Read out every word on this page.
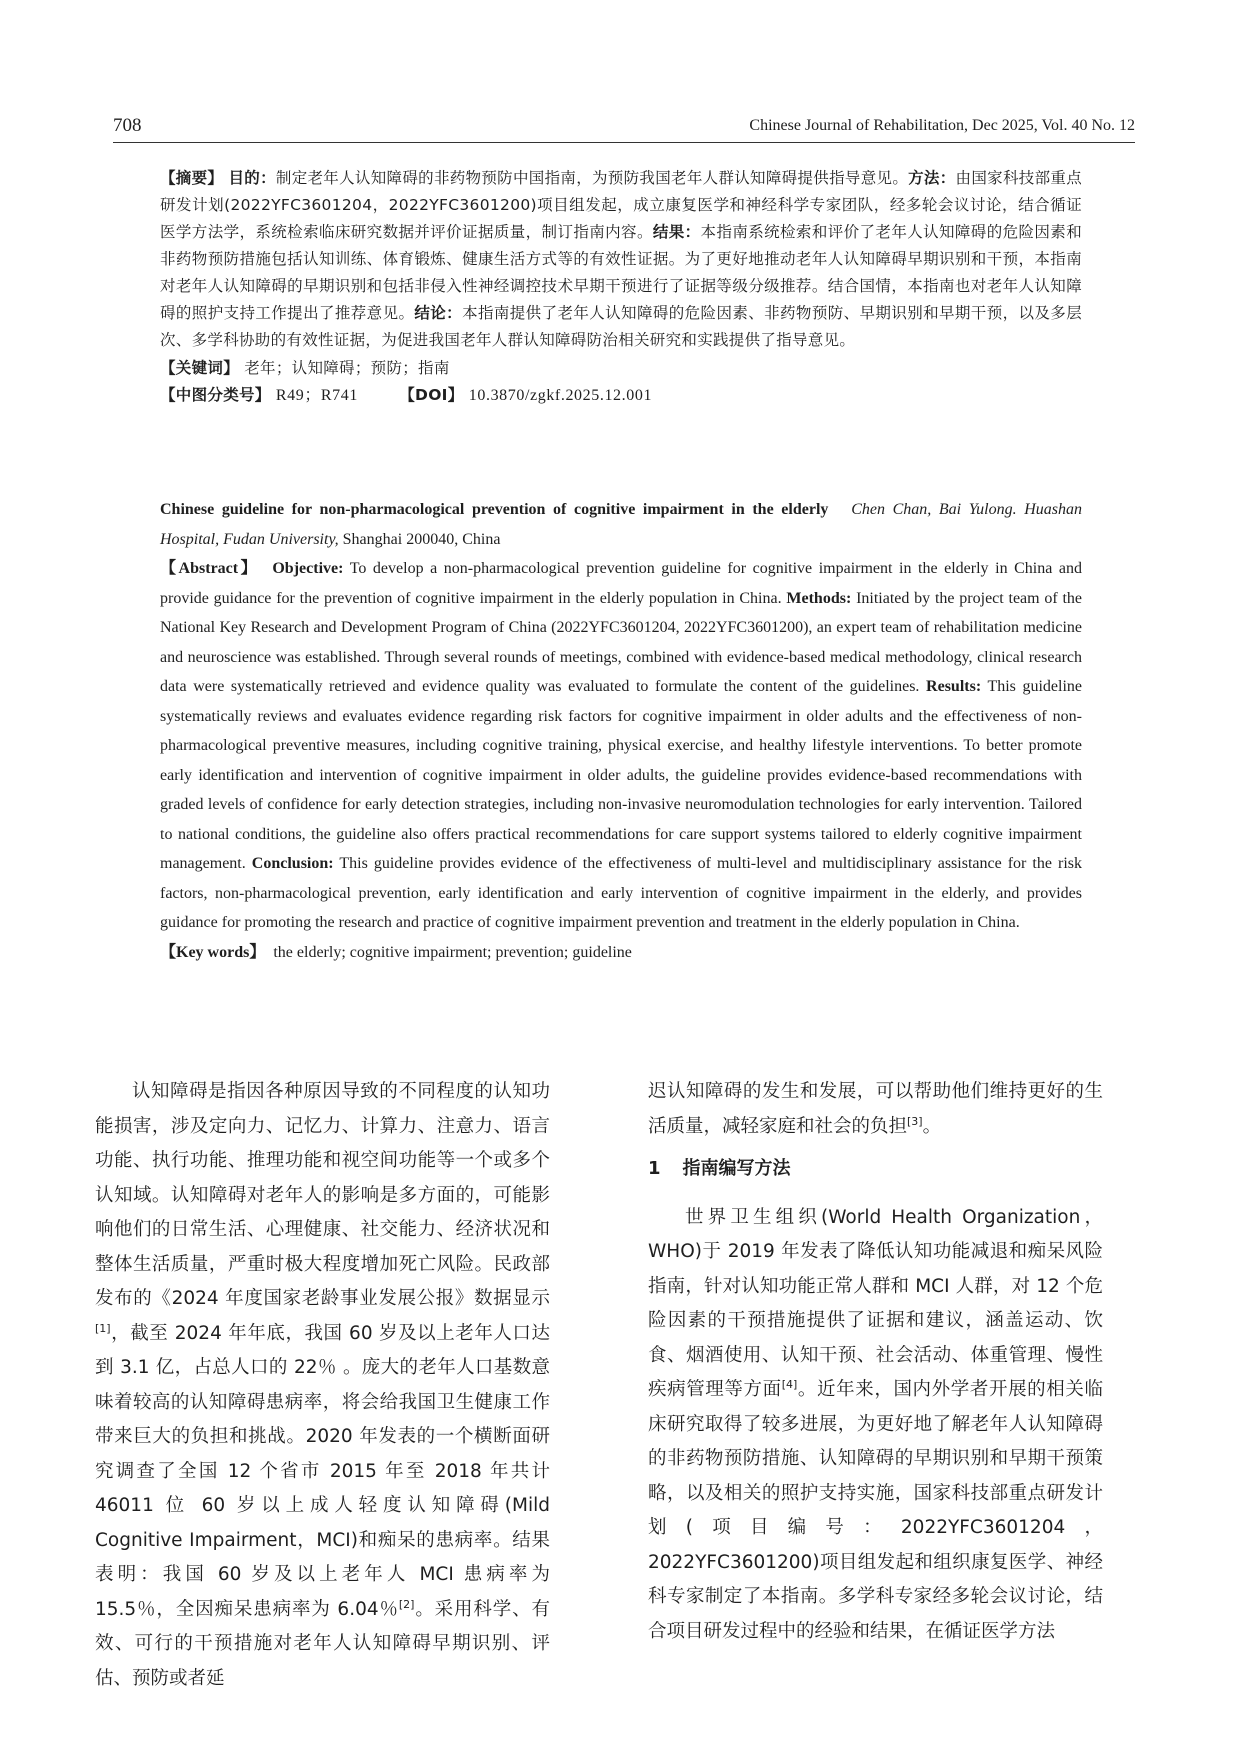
708	Chinese Journal of Rehabilitation, Dec 2025, Vol. 40 No. 12

【摘要】 目的：制定老年人认知障碍的非药物预防中国指南，为预防我国老年人群认知障碍提供指导意见。方法：由国家科技部重点研发计划(2022YFC3601204，2022YFC3601200)项目组发起，成立康复医学和神经科学专家团队，经多轮会议讨论，结合循证医学方法学，系统检索临床研究数据并评价证据质量，制订指南内容。结果：本指南系统检索和评价了老年人认知障碍的危险因素和非药物预防措施包括认知训练、体育锻炼、健康生活方式等的有效性证据。为了更好地推动老年人认知障碍早期识别和干预，本指南对老年人认知障碍的早期识别和包括非侵入性神经调控技术早期干预进行了证据等级分级推荐。结合国情，本指南也对老年人认知障碍的照护支持工作提出了推荐意见。结论：本指南提供了老年人认知障碍的危险因素、非药物预防、早期识别和早期干预，以及多层次、多学科协助的有效性证据，为促进我国老年人群认知障碍防治相关研究和实践提供了指导意见。

【关键词】 老年；认知障碍；预防；指南

【中图分类号】 R49；R741	【DOI】 10.3870/zgkf.2025.12.001

Chinese guideline for non-pharmacological prevention of cognitive impairment in the elderly Chen Chan, Bai Yulong. Huashan Hospital, Fudan University, Shanghai 200040, China

【Abstract】 Objective: To develop a non-pharmacological prevention guideline for cognitive impairment in the elderly in China and provide guidance for the prevention of cognitive impairment in the elderly population in China. Methods: Initiated by the project team of the National Key Research and Development Program of China (2022YFC3601204, 2022YFC3601200), an expert team of rehabilitation medicine and neuroscience was established. Through several rounds of meetings, combined with evidence-based medical methodology, clinical research data were systematically retrieved and evidence quality was evaluated to formulate the content of the guidelines. Results: This guideline systematically reviews and evaluates evidence regarding risk factors for cognitive impairment in older adults and the effectiveness of non-pharmacological preventive measures, including cognitive training, physical exercise, and healthy lifestyle interventions. To better promote early identification and intervention of cognitive impairment in older adults, the guideline provides evidence-based recommendations with graded levels of confidence for early detection strategies, including non-invasive neuromodulation technologies for early intervention. Tailored to national conditions, the guideline also offers practical recommendations for care support systems tailored to elderly cognitive impairment management. Conclusion: This guideline provides evidence of the effectiveness of multi-level and multidisciplinary assistance for the risk factors, non-pharmacological prevention, early identification and early intervention of cognitive impairment in the elderly, and provides guidance for promoting the research and practice of cognitive impairment prevention and treatment in the elderly population in China.

【Key words】 the elderly; cognitive impairment; prevention; guideline

认知障碍是指因各种原因导致的不同程度的认知功能损害，涉及定向力、记忆力、计算力、注意力、语言功能、执行功能、推理功能和视空间功能等一个或多个认知域。认知障碍对老年人的影响是多方面的，可能影响他们的日常生活、心理健康、社交能力、经济状况和整体生活质量，严重时极大程度增加死亡风险。民政部发布的《2024 年度国家老龄事业发展公报》数据显示[1]，截至 2024 年年底，我国 60 岁及以上老年人口达到 3.1 亿，占总人口的 22％ 。庞大的老年人口基数意味着较高的认知障碍患病率，将会给我国卫生健康工作带来巨大的负担和挑战。2020 年发表的一个横断面研究调查了全国 12 个省市 2015 年至 2018 年共计 46011 位 60 岁以上成人轻度认知障碍(Mild Cognitive Impairment，MCI)和痴呆的患病率。结果表明：我国 60 岁及以上老年人 MCI 患病率为 15.5％，全因痴呆患病率为 6.04％[2]。采用科学、有效、可行的干预措施对老年人认知障碍早期识别、评估、预防或者延

迟认知障碍的发生和发展，可以帮助他们维持更好的生活质量，减轻家庭和社会的负担[3]。

1 指南编写方法

世界卫生组织(World Health Organization，WHO)于 2019 年发表了降低认知功能减退和痴呆风险指南，针对认知功能正常人群和 MCI 人群，对 12 个危险因素的干预措施提供了证据和建议，涵盖运动、饮食、烟酒使用、认知干预、社会活动、体重管理、慢性疾病管理等方面[4]。近年来，国内外学者开展的相关临床研究取得了较多进展，为更好地了解老年人认知障碍的非药物预防措施、认知障碍的早期识别和早期干预策略，以及相关的照护支持实施，国家科技部重点研发计划(项目编号：2022YFC3601204，2022YFC3601200)项目组发起和组织康复医学、神经科专家制定了本指南。多学科专家经多轮会议讨论，结合项目研发过程中的经验和结果，在循证医学方法
